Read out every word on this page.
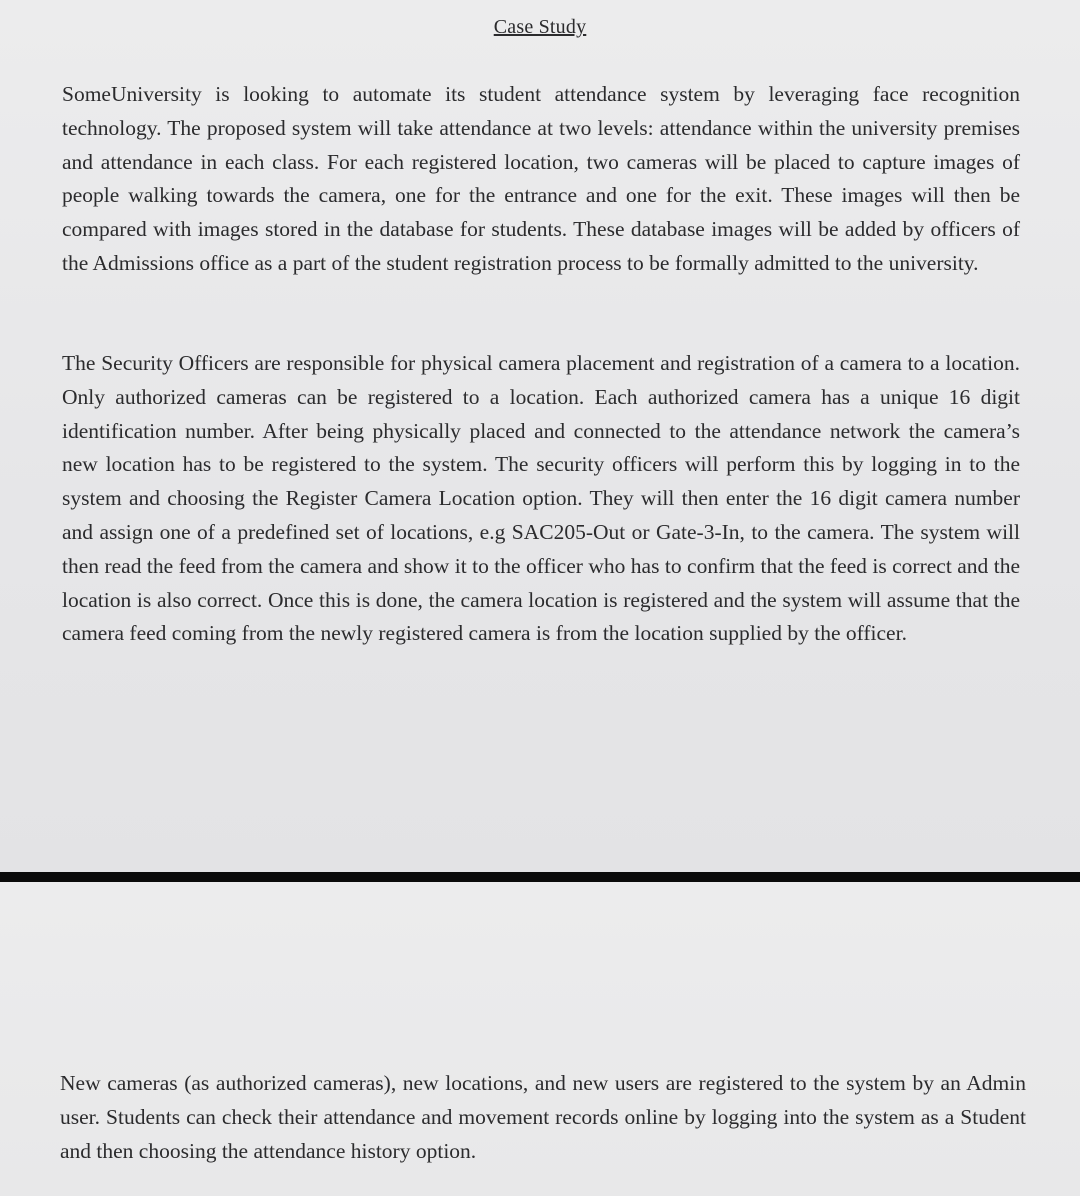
Case Study

SomeUniversity is looking to automate its student attendance system by leveraging face recognition technology. The proposed system will take attendance at two levels: attendance within the university premises and attendance in each class. For each registered location, two cameras will be placed to capture images of people walking towards the camera, one for the entrance and one for the exit. These images will then be compared with images stored in the database for students. These database images will be added by officers of the Admissions office as a part of the student registration process to be formally admitted to the university.

The Security Officers are responsible for physical camera placement and registration of a camera to a location. Only authorized cameras can be registered to a location. Each authorized camera has a unique 16 digit identification number. After being physically placed and connected to the attendance network the camera’s new location has to be registered to the system. The security officers will perform this by logging in to the system and choosing the Register Camera Location option. They will then enter the 16 digit camera number and assign one of a predefined set of locations, e.g SAC205-Out or Gate-3-In, to the camera. The system will then read the feed from the camera and show it to the officer who has to confirm that the feed is correct and the location is also correct. Once this is done, the camera location is registered and the system will assume that the camera feed coming from the newly registered camera is from the location supplied by the officer.

New cameras (as authorized cameras), new locations, and new users are registered to the system by an Admin user. Students can check their attendance and movement records online by logging into the system as a Student and then choosing the attendance history option.
